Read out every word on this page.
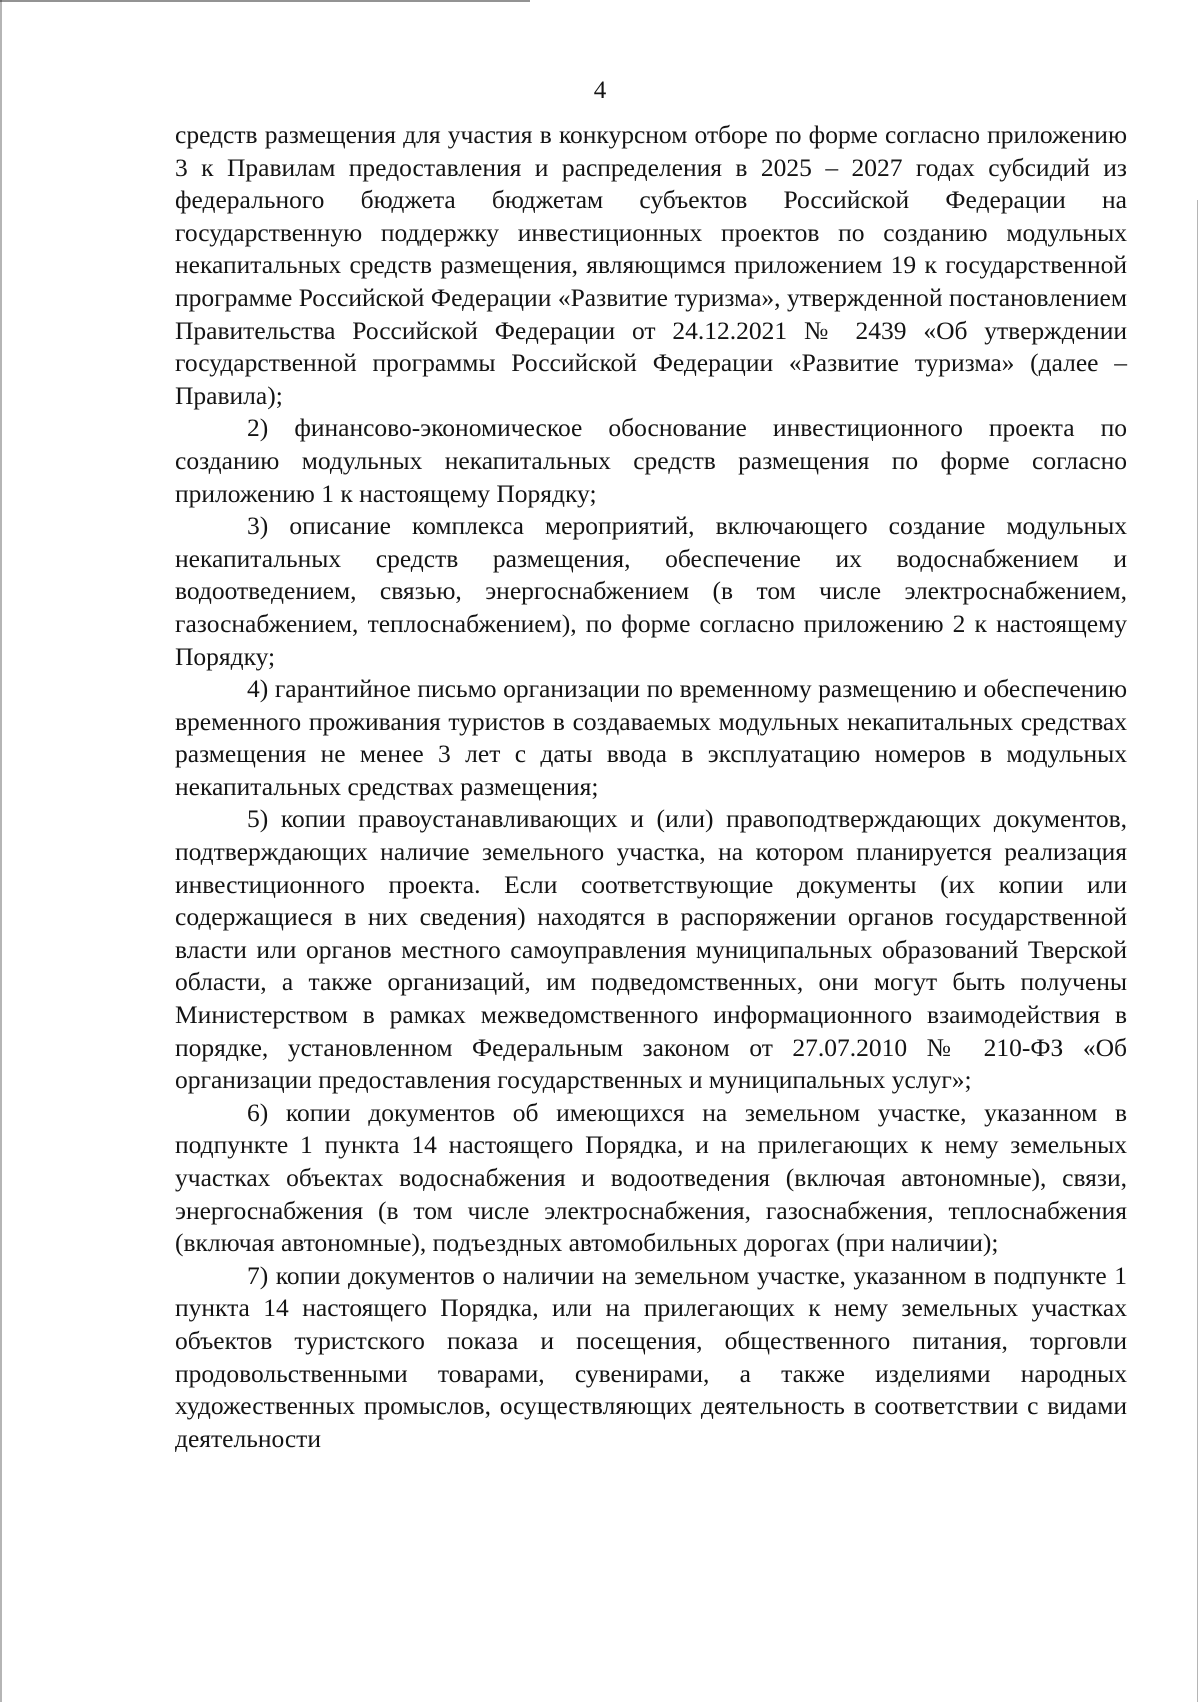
4

средств размещения для участия в конкурсном отборе по форме согласно приложению 3 к Правилам предоставления и распределения в 2025 – 2027 годах субсидий из федерального бюджета бюджетам субъектов Российской Федерации на государственную поддержку инвестиционных проектов по созданию модульных некапитальных средств размещения, являющимся приложением 19 к государственной программе Российской Федерации «Развитие туризма», утвержденной постановлением Правительства Российской Федерации от 24.12.2021 № 2439 «Об утверждении государственной программы Российской Федерации «Развитие туризма» (далее – Правила);

2) финансово-экономическое обоснование инвестиционного проекта по созданию модульных некапитальных средств размещения по форме согласно приложению 1 к настоящему Порядку;

3) описание комплекса мероприятий, включающего создание модульных некапитальных средств размещения, обеспечение их водоснабжением и водоотведением, связью, энергоснабжением (в том числе электроснабжением, газоснабжением, теплоснабжением), по форме согласно приложению 2 к настоящему Порядку;

4) гарантийное письмо организации по временному размещению и обеспечению временного проживания туристов в создаваемых модульных некапитальных средствах размещения не менее 3 лет с даты ввода в эксплуатацию номеров в модульных некапитальных средствах размещения;

5) копии правоустанавливающих и (или) правоподтверждающих документов, подтверждающих наличие земельного участка, на котором планируется реализация инвестиционного проекта. Если соответствующие документы (их копии или содержащиеся в них сведения) находятся в распоряжении органов государственной власти или органов местного самоуправления муниципальных образований Тверской области, а также организаций, им подведомственных, они могут быть получены Министерством в рамках межведомственного информационного взаимодействия в порядке, установленном Федеральным законом от 27.07.2010 № 210-ФЗ «Об организации предоставления государственных и муниципальных услуг»;

6) копии документов об имеющихся на земельном участке, указанном в подпункте 1 пункта 14 настоящего Порядка, и на прилегающих к нему земельных участках объектах водоснабжения и водоотведения (включая автономные), связи, энергоснабжения (в том числе электроснабжения, газоснабжения, теплоснабжения (включая автономные), подъездных автомобильных дорогах (при наличии);

7) копии документов о наличии на земельном участке, указанном в подпункте 1 пункта 14 настоящего Порядка, или на прилегающих к нему земельных участках объектов туристского показа и посещения, общественного питания, торговли продовольственными товарами, сувенирами, а также изделиями народных художественных промыслов, осуществляющих деятельность в соответствии с видами деятельности
